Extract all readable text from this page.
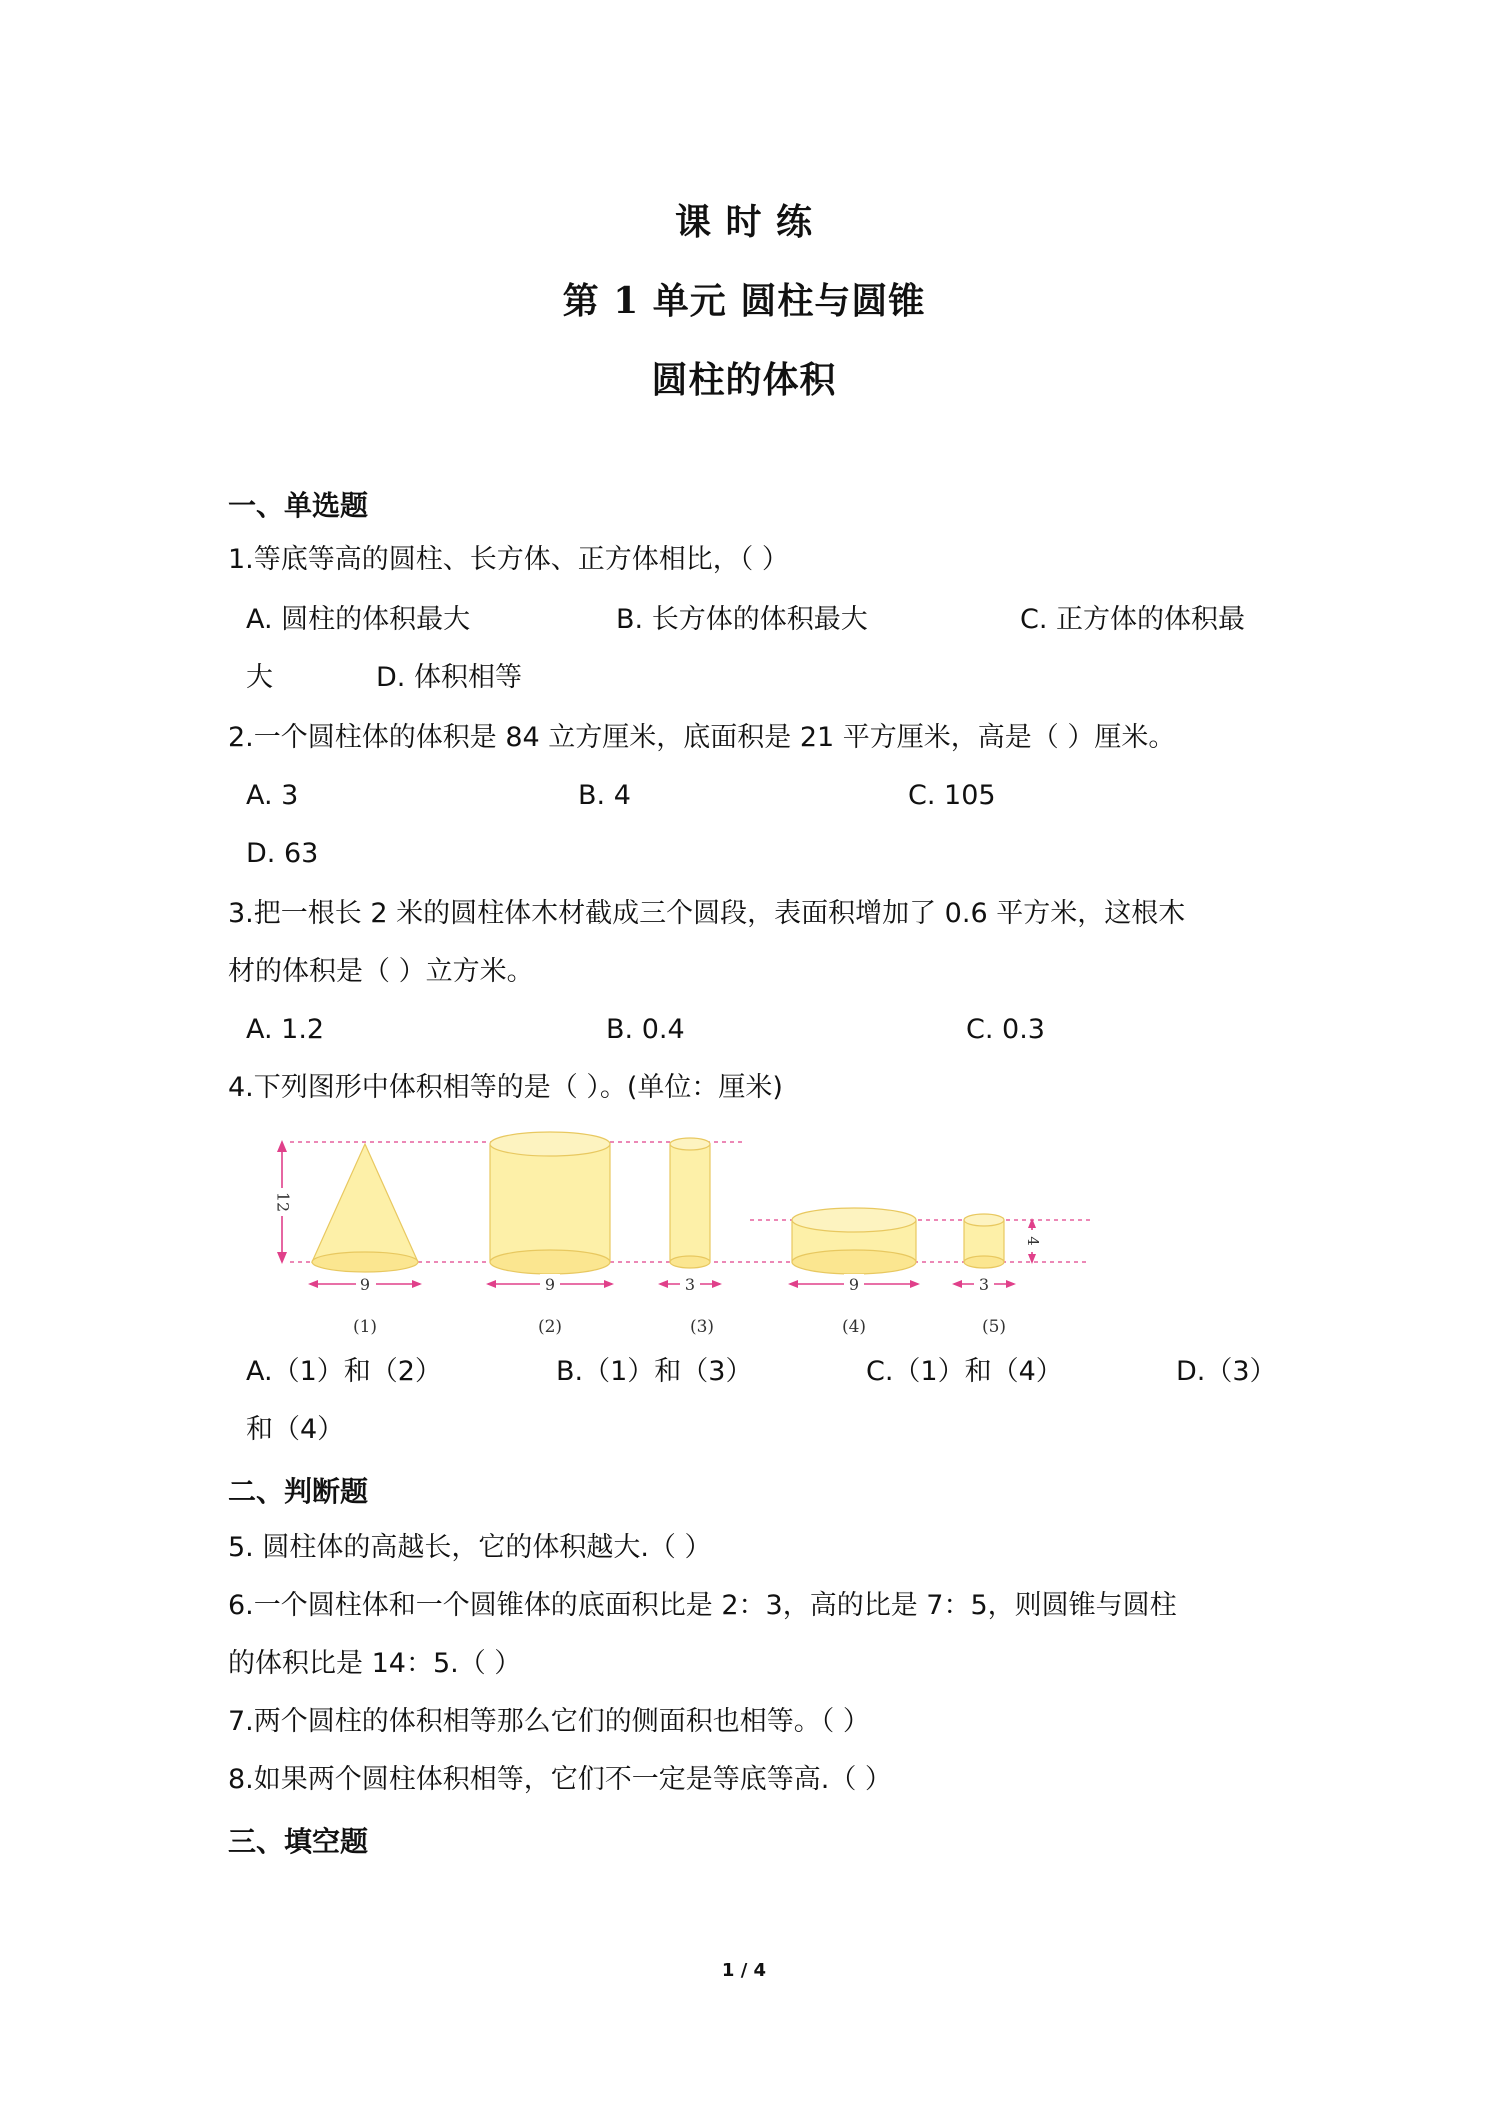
课 时 练
第 1 单元 圆柱与圆锥
圆柱的体积
一、单选题
1.等底等高的圆柱、长方体、正方体相比，（ ）
A. 圆柱的体积最大	B. 长方体的体积最大	C. 正方体的体积最
大	D. 体积相等
2.一个圆柱体的体积是 84 立方厘米，底面积是 21 平方厘米，高是（ ）厘米。
A. 3	B. 4	C. 105
D. 63
3.把一根长 2 米的圆柱体木材截成三个圆段，表面积增加了 0.6 平方米，这根木
材的体积是（ ）立方米。
A. 1.2	B. 0.4	C. 0.3
4.下列图形中体积相等的是（ ）。(单位：厘米)
12
4
9	9	3	9	3
(1)	(2)	(3)	(4)	(5)
A.（1）和（2）	B.（1）和（3）	C.（1）和（4）	D.（3）
和（4）
二、判断题
5. 圆柱体的高越长，它的体积越大.（ ）
6.一个圆柱体和一个圆锥体的底面积比是 2：3，高的比是 7：5，则圆锥与圆柱
的体积比是 14：5.（ ）
7.两个圆柱的体积相等那么它们的侧面积也相等。（ ）
8.如果两个圆柱体积相等，它们不一定是等底等高.（ ）
三、填空题
1 / 4
